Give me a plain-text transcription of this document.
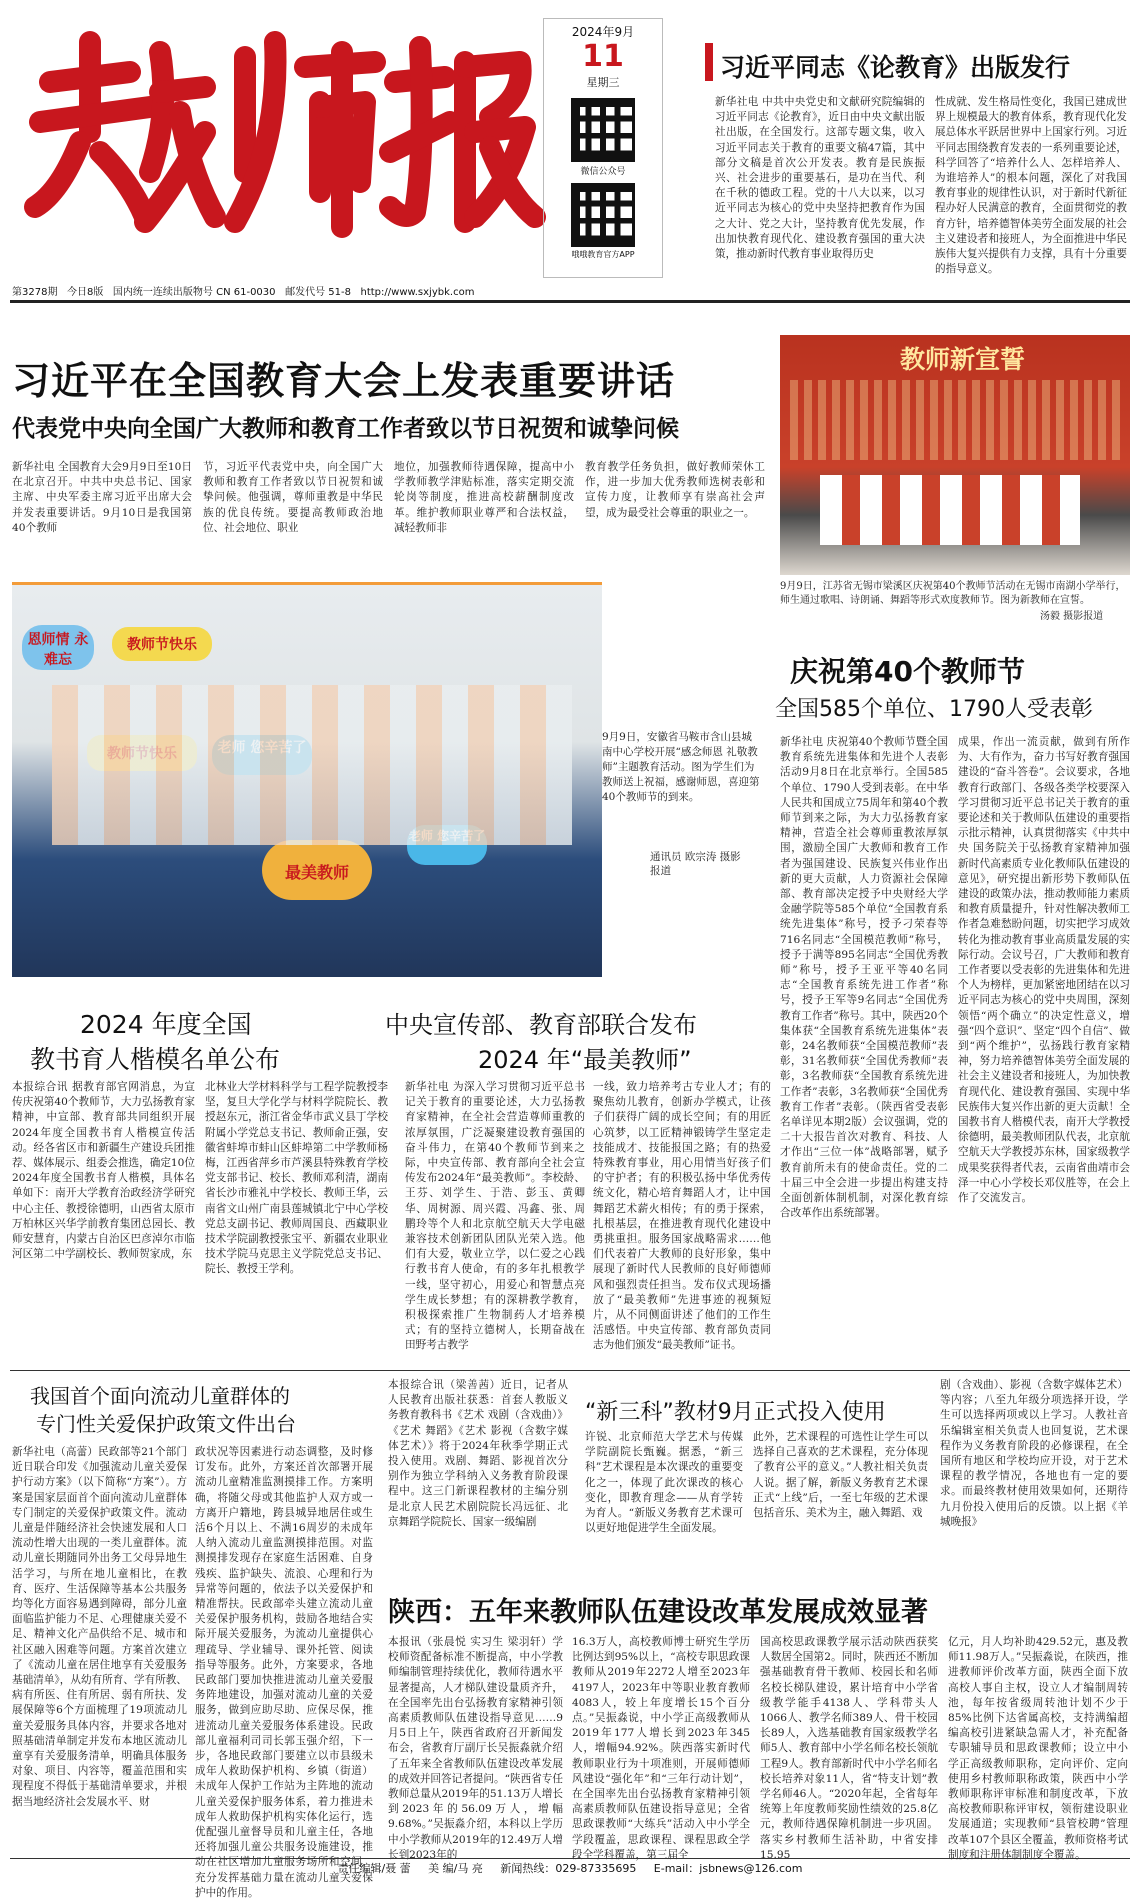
2024年9月
11
星期三
微信公众号
哦哦教育官方APP
第3278期 今日8版 国内统一连续出版物号 CN 61-0030 邮发代号 51-8 http://www.sxjybk.com
习近平同志《论教育》出版发行
新华社电 中共中央党史和文献研究院编辑的习近平同志《论教育》，近日由中央文献出版社出版，在全国发行。这部专题文集，收入习近平同志关于教育的重要文稿47篇，其中部分文稿是首次公开发表。教育是民族振兴、社会进步的重要基石，是功在当代、利在千秋的德政工程。党的十八大以来，以习近平同志为核心的党中央坚持把教育作为国之大计、党之大计，坚持教育优先发展，作出加快教育现代化、建设教育强国的重大决策，推动新时代教育事业取得历史
性成就、发生格局性变化，我国已建成世界上规模最大的教育体系，教育现代化发展总体水平跃居世界中上国家行列。习近平同志围绕教育发表的一系列重要论述，科学回答了“培养什么人、怎样培养人、为谁培养人”的根本问题，深化了对我国教育事业的规律性认识，对于新时代新征程办好人民满意的教育，全面贯彻党的教育方针，培养德智体美劳全面发展的社会主义建设者和接班人，为全面推进中华民族伟大复兴提供有力支撑，具有十分重要的指导意义。
习近平在全国教育大会上发表重要讲话
代表党中央向全国广大教师和教育工作者致以节日祝贺和诚挚问候
新华社电 全国教育大会9月9日至10日在北京召开。中共中央总书记、国家主席、中央军委主席习近平出席大会并发表重要讲话。9月10日是我国第40个教师
节，习近平代表党中央，向全国广大教师和教育工作者致以节日祝贺和诚挚问候。他强调，尊师重教是中华民族的优良传统。要提高教师政治地位、社会地位、职业
地位，加强教师待遇保障，提高中小学教师教学津贴标准，落实定期交流轮岗等制度，推进高校薪酬制度改革。维护教师职业尊严和合法权益，减轻教师非
教育教学任务负担，做好教师荣休工作，进一步加大优秀教师选树表彰和宣传力度，让教师享有崇高社会声望，成为最受社会尊重的职业之一。
教师新宣誓
9月9日，江苏省无锡市梁溪区庆祝第40个教师节活动在无锡市南湖小学举行，师生通过歌唱、诗朗诵、舞蹈等形式欢度教师节。图为新教师在宣誓。
汤毅 摄影报道
恩师情 永难忘
教师节快乐
最美教师
9月9日，安徽省马鞍市含山县城南中心学校开展“感念师恩 礼敬教师”主题教育活动。图为学生们为教师送上祝福，感谢师恩，喜迎第40个教师节的到来。
通讯员 欧宗涛 摄影报道
庆祝第40个教师节
全国585个单位、1790人受表彰
新华社电 庆祝第40个教师节暨全国教育系统先进集体和先进个人表彰活动9月8日在北京举行。全国585个单位、1790人受到表彰。在中华人民共和国成立75周年和第40个教师节到来之际，为大力弘扬教育家精神，营造全社会尊师重教浓厚氛围，激励全国广大教师和教育工作者为强国建设、民族复兴伟业作出新的更大贡献，人力资源社会保障部、教育部决定授予中央财经大学金融学院等585个单位“全国教育系统先进集体”称号，授予刁荣春等716名同志“全国模范教师”称号，授予于满等895名同志“全国优秀教师”称号，授予王亚平等40名同志“全国教育系统先进工作者”称号，授予王军等9名同志“全国优秀教育工作者”称号。其中，陕西20个集体获“全国教育系统先进集体”表彰，24名教师获“全国模范教师”表彰，31名教师获“全国优秀教师”表彰，3名教师获“全国教育系统先进工作者”表彰，3名教师获“全国优秀教育工作者”表彰。（陕西省受表彰名单详见本期2版）会议强调，党的二十大报告首次对教育、科技、人才作出“三位一体”战略部署，赋予教育前所未有的使命责任。党的二十届三中全会进一步提出构建支持全面创新体制机制，对深化教育综合改革作出系统部署。
成果，作出一流贡献，做到有所作为、大有作为，奋力书写好教育强国建设的“奋斗答卷”。会议要求，各地教育行政部门、各级各类学校要深入学习贯彻习近平总书记关于教育的重要论述和关于教师队伍建设的重要指示批示精神，认真贯彻落实《中共中央 国务院关于弘扬教育家精神加强新时代高素质专业化教师队伍建设的意见》，研究提出新形势下教师队伍建设的政策办法，推动教师能力素质和教育质量提升，针对性解决教师工作者急难愁盼问题，切实把学习成效转化为推动教育事业高质量发展的实际行动。会议号召，广大教师和教育工作者要以受表彰的先进集体和先进个人为榜样，更加紧密地团结在以习近平同志为核心的党中央周围，深刻领悟“两个确立”的决定性意义，增强“四个意识”、坚定“四个自信”、做到“两个维护”，弘扬践行教育家精神，努力培养德智体美劳全面发展的社会主义建设者和接班人，为加快教育现代化、建设教育强国、实现中华民族伟大复兴作出新的更大贡献！全国教书育人楷模代表，南开大学教授徐德明，最美教师团队代表，北京航空航天大学教授苏东林，国家级教学成果奖获得者代表，云南省曲靖市会泽一中心小学校长邓仪胜等，在会上作了交流发言。
2024 年度全国
教书育人楷模名单公布
本报综合讯 据教育部官网消息，为宣传庆祝第40个教师节，大力弘扬教育家精神，中宣部、教育部共同组织开展2024年度全国教书育人楷模宣传活动。经各省区市和新疆生产建设兵团推荐、媒体展示、组委会推选，确定10位2024年度全国教书育人楷模，具体名单如下：南开大学教育治政经济学研究中心主任、教授徐德明，山西省太原市万柏林区兴华学前教育集团总园长、教师安慧育，内蒙古自治区巴彦淖尔市临河区第二中学副校长、教师贺家成，东
北林业大学材料科学与工程学院教授李坚，复旦大学化学与材料学院院长、教授赵东元，浙江省金华市武义县丁学校附属小学党总支书记、教师俞正强，安徽省蚌埠市蚌山区蚌埠第二中学教师杨梅，江西省萍乡市芦溪县特殊教育学校党支部书记、校长、教师邓利清，湖南省长沙市雅礼中学校长、教师王华，云南省文山州广南县莲城镇北宁中心学校党总支副书记、教师周国良、西藏职业技术学院副教授张宝平、新疆农业职业技术学院马克思主义学院党总支书记、院长、教授王学利。
中央宣传部、教育部联合发布
2024 年“最美教师”
新华社电 为深入学习贯彻习近平总书记关于教育的重要论述，大力弘扬教育家精神，在全社会营造尊师重教的浓厚氛围，广泛凝聚建设教育强国的奋斗伟力，在第40个教师节到来之际，中央宣传部、教育部向全社会宣传发布2024年“最美教师”。李校龄、王芬、刘学生、于浩、彭玉、黄卿华、周树源、周兴霞、冯鑫、张、周鹏玲等个人和北京航空航天大学电磁兼容技术创新团队团队光荣入选。他们有大爱，敬业立学，以仁爱之心践行教书育人使命，有的多年扎根教学一线，坚守初心，用爱心和智慧点亮学生成长梦想；有的深耕教学教育，积极探索推广生物制药人才培养模式；有的坚持立德树人，长期奋战在田野考古教学
一线，致力培养考古专业人才；有的聚焦幼儿教育，创新办学模式，让孩子们获得广阔的成长空间；有的用匠心筑梦，以工匠精神锻铸学生坚定走技能成才、技能报国之路；有的热爱特殊教育事业，用心用情当好孩子们的守护者；有的积极弘扬中华优秀传统文化，精心培育舞蹈人才，让中国舞蹈艺术薪火相传；有的勇于探索，扎根基层，在推进教育现代化建设中勇挑重担。服务国家战略需求……他们代表着广大教师的良好形象，集中展现了新时代人民教师的良好师德师风和强烈责任担当。发布仪式现场播放了“最美教师”先进事迹的视频短片，从不同侧面讲述了他们的工作生活感悟。中央宣传部、教育部负责同志为他们颁发“最美教师”证书。
我国首个面向流动儿童群体的
专门性关爱保护政策文件出台
新华社电（高蕾）民政部等21个部门近日联合印发《加强流动儿童关爱保护行动方案》（以下简称“方案”）。方案是国家层面首个面向流动儿童群体专门制定的关爱保护政策文件。流动儿童是伴随经济社会快速发展和人口流动性增大出现的一类儿童群体。流动儿童长期随同外出务工父母异地生活学习，与所在地儿童相比，在教育、医疗、生活保障等基本公共服务均等化方面容易遇到障碍，部分儿童面临监护能力不足、心理健康关爱不足、精神文化产品供给不足、城市和社区融入困难等问题。方案首次建立了《流动儿童在居住地享有关爱服务基础清单》，从幼有所育、学有所教、病有所医、住有所居、弱有所扶、发展保障等6个方面梳理了19项流动儿童关爱服务具体内容，并要求各地对照基础清单制定并发布本地区流动儿童享有关爱服务清单，明确具体服务对象、项目、内容等，覆盖范围和实现程度不得低于基础清单要求，并根据当地经济社会发展水平、财
政状况等因素进行动态调整，及时修订发布。此外，方案还首次部署开展流动儿童精准监测摸排工作。方案明确，将随父母或其他监护人双方或一方离开户籍地，跨县城异地居住或生活6个月以上、不满16周岁的未成年人纳入流动儿童监测摸排范围。对监测摸排发现存在家庭生活困难、自身残疾、监护缺失、流浪、心理和行为异常等问题的，依法予以关爱保护和精准帮扶。民政部牵头建立流动儿童关爱保护服务机构，鼓励各地结合实际开展关爱服务，为流动儿童提供心理疏导、学业辅导、课外托管、阅读指导等服务。此外，方案要求，各地民政部门要加快推进流动儿童关爱服务阵地建设，加强对流动儿童的关爱服务，做到应助尽助、应保尽保，推进流动儿童关爱服务体系建设。民政部儿童福利司司长郭玉强介绍，下一步，各地民政部门要建立以市县级未成年人救助保护机构、乡镇（街道）未成年人保护工作站为主阵地的流动儿童关爱保护服务体系，着力推进未成年人救助保护机构实体化运行，选优配强儿童督导员和儿童主任，各地还将加强儿童公共服务设施建设，推动在社区增加儿童服务场所和空间，充分发挥基础力量在流动儿童关爱保护中的作用。
本报综合讯（梁善茜）近日，记者从人民教育出版社获悉：首套人教版义务教育教科书《艺术 戏剧（含戏曲）》《艺术 舞蹈》《艺术 影视（含数字媒体艺术）》将于2024年秋季学期正式投入使用。戏剧、舞蹈、影视首次分别作为独立学科纳入义务教育阶段课程中。这三门新课程教材的主编分别是北京人民艺术剧院院长冯远征、北京舞蹈学院院长、国家一级编剧
“新三科”教材9月正式投入使用
许锐、北京师范大学艺术与传媒学院副院长甄巍。据悉，“新三科”艺术课程是本次课改的重要变化之一，体现了此次课改的核心变化，即教育理念——从育学转为育人。“新版义务教育艺术课可以更好地促进学生全面发展。
此外，艺术课程的可选性让学生可以选择自己喜欢的艺术课程，充分体现了教育公平的意义。”人教社相关负责人说。据了解，新版义务教育艺术课正式“上线”后，一至七年级的艺术课包括音乐、美术为主，融入舞蹈、戏
剧（含戏曲）、影视（含数字媒体艺术）等内容；八至九年级分项选择开设，学生可以选择两项或以上学习。人教社音乐编辑室相关负责人也回复说，艺术课程作为义务教育阶段的必修课程，在全国所有地区和学校均应开设，对于艺术课程的教学情况，各地也有一定的要求。而最终教材使用效果如何，还期待九月份投入使用后的反馈。以上据《羊城晚报》
陕西：五年来教师队伍建设改革发展成效显著
本报讯（张晨悦 实习生 梁羽轩）学校师资配备标准不断提高，中小学教师编制管理持续优化，教师待遇水平显著提高，人才梯队建设量质齐升，在全国率先出台弘扬教育家精神引领高素质教师队伍建设指导意见……9月5日上午，陕西省政府召开新闻发布会，省教育厅副厅长吴振淼就介绍了五年来全省教师队伍建设改革发展的成效并回答记者提问。“陕西省专任教师总量从2019年的51.13万人增长到2023年的56.09万人，增幅9.68%。”吴振淼介绍，本科以上学历中小学教师从2019年的12.49万人增长到2023年的
16.3万人，高校教师博士研究生学历比例达到95%以上，“高校专职思政课教师从2019年2272人增至2023年4197人，2023年中等职业教育教师4083人，较上年度增长15个百分点。”吴振淼说，中小学正高级教师从2019年177人增长到2023年345人，增幅94.92%。陕西落实新时代教师职业行为十项准则，开展师德师风建设“强化年”和“三年行动计划”，在全国率先出台弘扬教育家精神引领高素质教师队伍建设指导意见；全省思政课教师“大练兵”活动入中小学全学段覆盖，思政课程、课程思政全学段全学科覆盖，第三届全
国高校思政课教学展示活动陕西获奖人数居全国第2。同时，陕西还不断加强基础教育骨干教师、校园长和名师名校长梯队建设，累计培育中小学省级教学能手4138人、学科带头人1066人、教学名师389人、骨干校园长89人，入选基础教育国家级教学名师5人、教育部中小学名师名校长领航工程9人。教育部新时代中小学名师名校长培养对象11人，省“特支计划”教学名师46人。“2020年起，全省每年统筹上年度教师奖励性绩效的25.8亿元，教师待遇保障机制进一步巩固。落实乡村教师生活补助，中省安排15.95
亿元，月人均补助429.52元，惠及教师11.98万人。”吴振淼说，在陕西，推进教师评价改革方面，陕西全面下放高校人事自主权，设立人才编制周转池，每年按省级周转池计划不少于85%比例下达省属高校，支持满编超编高校引进紧缺急需人才，补充配备专职辅导员和思政课教师；设立中小学正高级教师职称，定向评价、定向使用乡村教师职称政策，陕西中小学教师职称评审标准和制度改革，下放高校教师职称评审权，领衔建设职业发展通道；实现教师“县管校聘”管理改革107个县区全覆盖，教师资格考试制度和注册体制制度全覆盖。
责任编辑/聂 蕾 美 编/马 亮 新闻热线：029-87335695 E-mail：jsbnews@126.com
